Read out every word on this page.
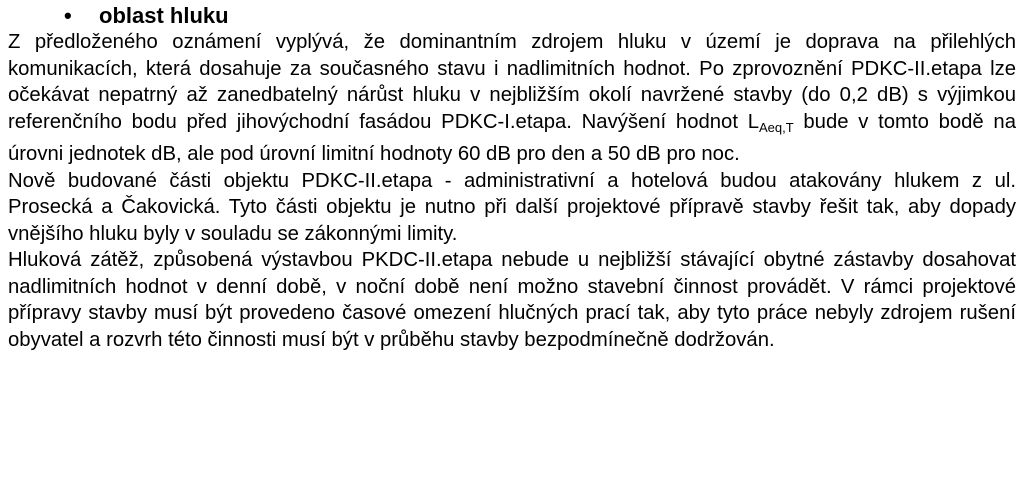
• oblast hluku

Z předloženého oznámení vyplývá, že dominantním zdrojem hluku v území je doprava na přilehlých komunikacích, která dosahuje za současného stavu i nadlimitních hodnot. Po zprovoznění PDKC-II.etapa lze očekávat nepatrný až zanedbatelný nárůst hluku v nejbližším okolí navržené stavby (do 0,2 dB) s výjimkou referenčního bodu před jihovýchodní fasádou PDKC-I.etapa. Navýšení hodnot $L_{Aeq,T}$ bude v tomto bodě na úrovni jednotek dB, ale pod úrovní limitní hodnoty 60 dB pro den a 50 dB pro noc.

Nově budované části objektu PDKC-II.etapa - administrativní a hotelová budou atakovány hlukem z ul. Prosecká a Čakovická. Tyto části objektu je nutno při další projektové přípravě stavby řešit tak, aby dopady vnějšího hluku byly v souladu se zákonnými limity.

Hluková zátěž, způsobená výstavbou PKDC-II.etapa nebude u nejbližší stávající obytné zástavby dosahovat nadlimitních hodnot v denní době, v noční době není možno stavební činnost provádět. V rámci projektové přípravy stavby musí být provedeno časové omezení hlučných prací tak, aby tyto práce nebyly zdrojem rušení obyvatel a rozvrh této činnosti musí být v průběhu stavby bezpodmínečně dodržován.
